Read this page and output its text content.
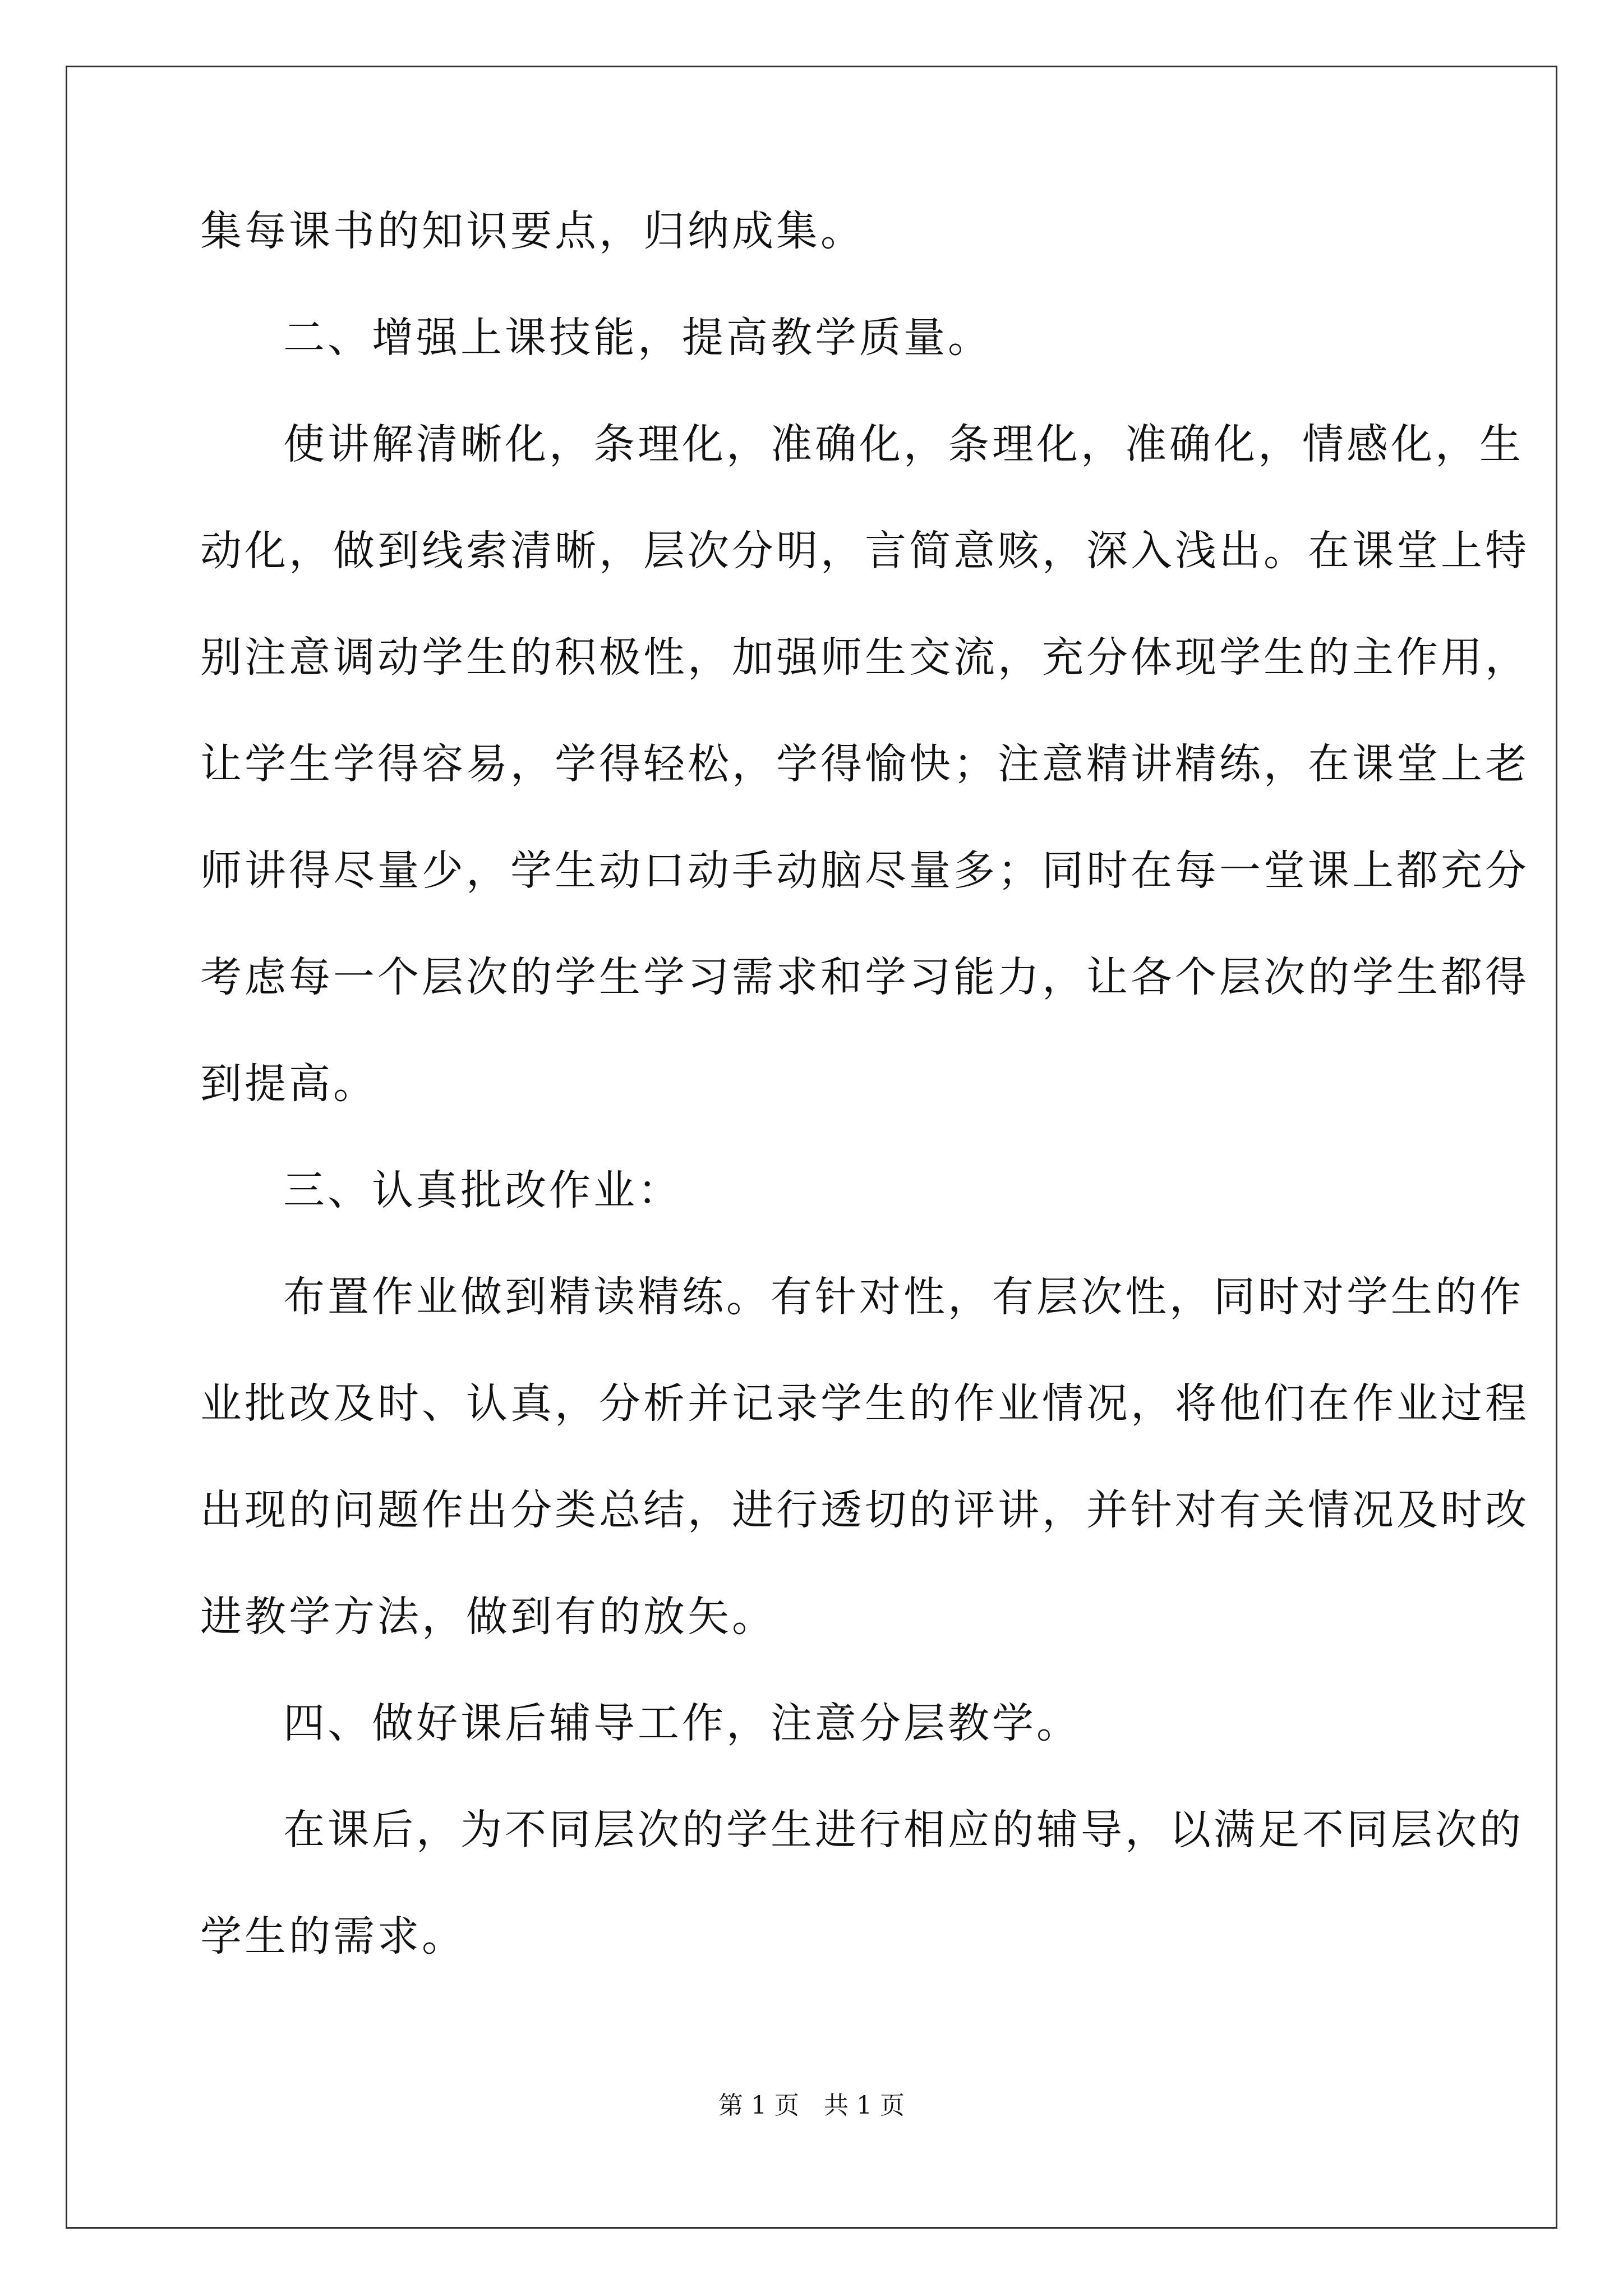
集每课书的知识要点，归纳成集。
二、增强上课技能，提高教学质量。
使讲解清晰化，条理化，准确化，条理化，准确化，情感化，生
动化，做到线索清晰，层次分明，言简意赅，深入浅出。在课堂上特
别注意调动学生的积极性，加强师生交流，充分体现学生的主作用，
让学生学得容易，学得轻松，学得愉快；注意精讲精练，在课堂上老
师讲得尽量少，学生动口动手动脑尽量多；同时在每一堂课上都充分
考虑每一个层次的学生学习需求和学习能力，让各个层次的学生都得
到提高。
三、认真批改作业：
布置作业做到精读精练。有针对性，有层次性，同时对学生的作
业批改及时、认真，分析并记录学生的作业情况，将他们在作业过程
出现的问题作出分类总结，进行透切的评讲，并针对有关情况及时改
进教学方法，做到有的放矢。
四、做好课后辅导工作，注意分层教学。
在课后，为不同层次的学生进行相应的辅导，以满足不同层次的
学生的需求。
第 1 页　共 1 页
